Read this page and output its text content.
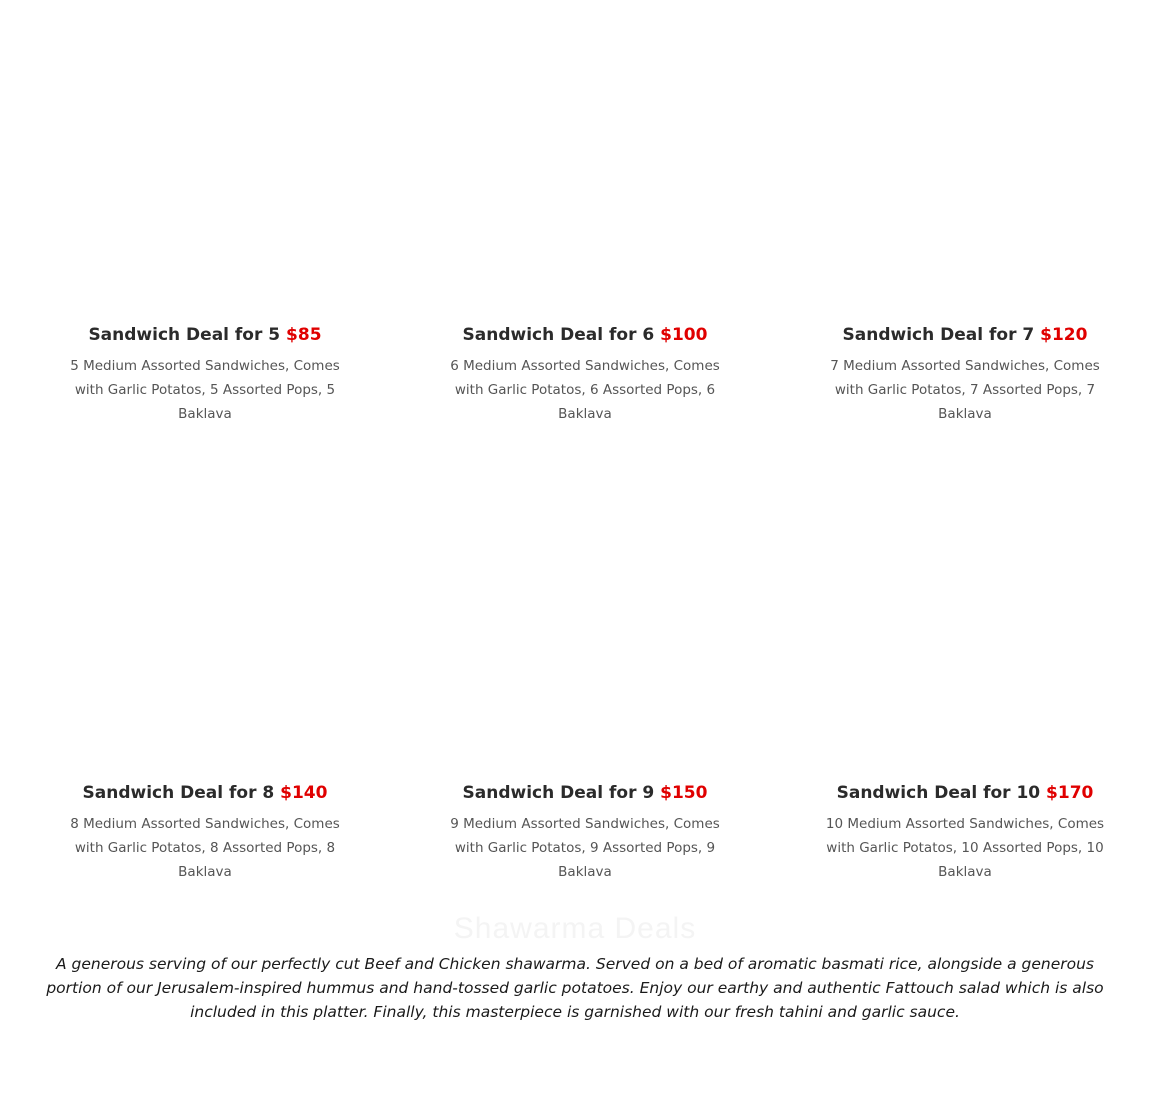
Sandwich Deal for 5 $85
5 Medium Assorted Sandwiches, Comes with Garlic Potatos, 5 Assorted Pops, 5 Baklava
Sandwich Deal for 6 $100
6 Medium Assorted Sandwiches, Comes with Garlic Potatos, 6 Assorted Pops, 6 Baklava
Sandwich Deal for 7 $120
7 Medium Assorted Sandwiches, Comes with Garlic Potatos, 7 Assorted Pops, 7 Baklava
Sandwich Deal for 8 $140
8 Medium Assorted Sandwiches, Comes with Garlic Potatos, 8 Assorted Pops, 8 Baklava
Sandwich Deal for 9 $150
9 Medium Assorted Sandwiches, Comes with Garlic Potatos, 9 Assorted Pops, 9 Baklava
Sandwich Deal for 10 $170
10 Medium Assorted Sandwiches, Comes with Garlic Potatos, 10 Assorted Pops, 10 Baklava
Shawarma Deals
A generous serving of our perfectly cut Beef and Chicken shawarma. Served on a bed of aromatic basmati rice, alongside a generous portion of our Jerusalem-inspired hummus and hand-tossed garlic potatoes. Enjoy our earthy and authentic Fattouch salad which is also included in this platter. Finally, this masterpiece is garnished with our fresh tahini and garlic sauce.
